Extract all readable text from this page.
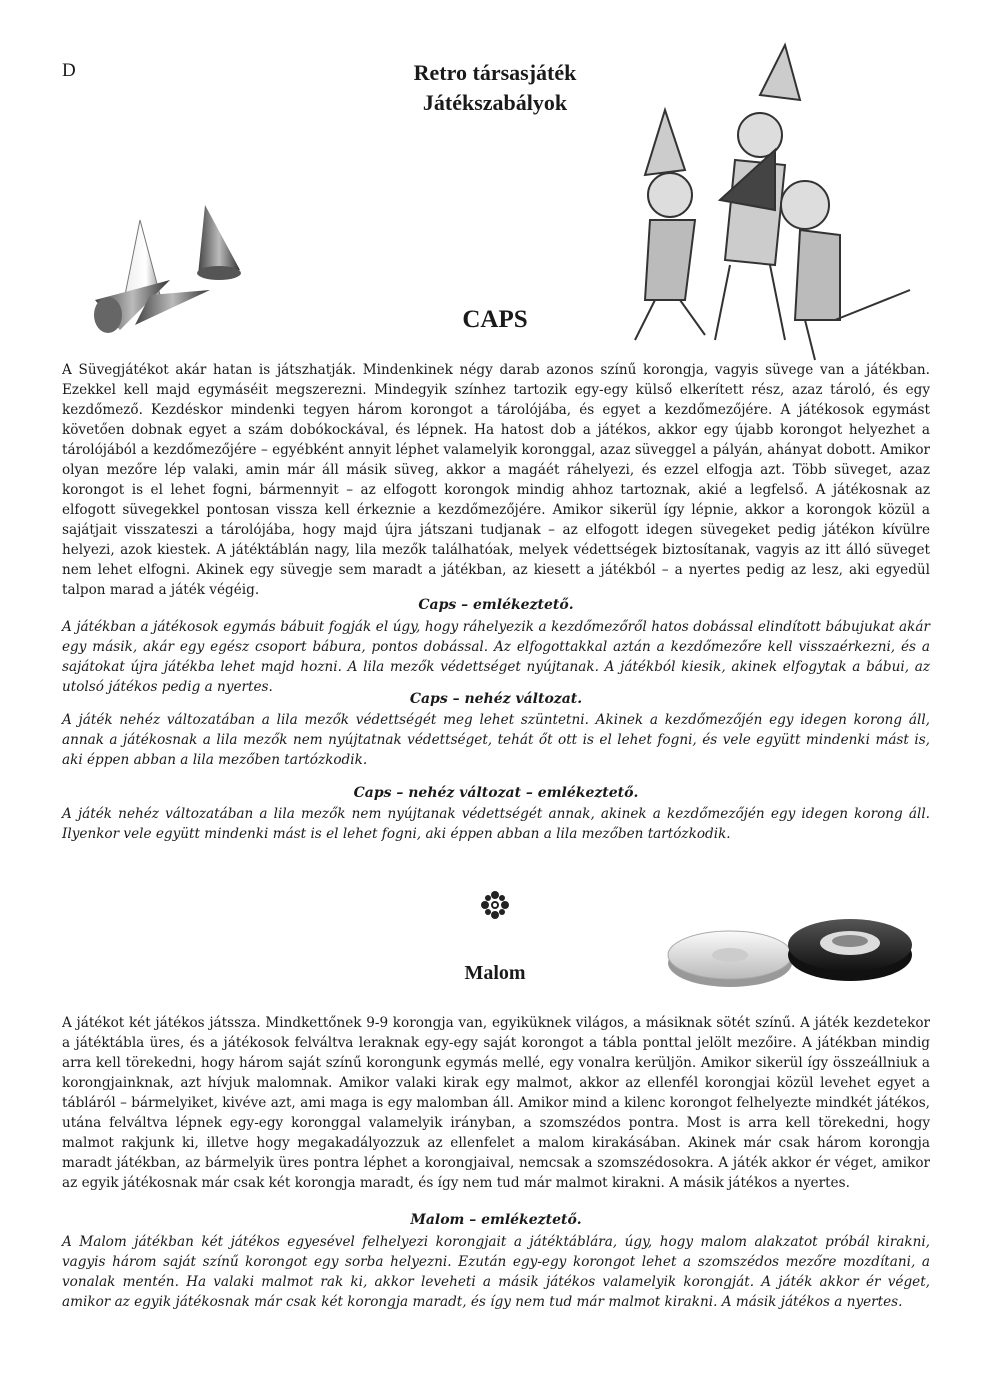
D	Retro társasjáték
Játékszabályok
CAPS
A Süvegjátékot akár hatan is játszhatják. Mindenkinek négy darab azonos színű korongja, vagyis süvege van a játékban. Ezekkel kell majd egymáséit megszerezni. Mindegyik színhez tartozik egy-egy külső elkerített rész, azaz tároló, és egy kezdőmező. Kezdéskor mindenki tegyen három korongot a tárolójába, és egyet a kezdőmezőjére. A játékosok egymást követően dobnak egyet a szám dobókockával, és lépnek. Ha hatost dob a játékos, akkor egy újabb korongot helyezhet a tárolójából a kezdőmezőjére – egyébként annyit léphet valamelyik koronggal, azaz süveggel a pályán, ahányat dobott. Amikor olyan mezőre lép valaki, amin már áll másik süveg, akkor a magáét ráhelyezi, és ezzel elfogja azt. Több süveget, azaz korongot is el lehet fogni, bármennyit – az elfogott korongok mindig ahhoz tartoznak, akié a legfelső. A játékosnak az elfogott süvegekkel pontosan vissza kell érkeznie a kezdőmezőjére. Amikor sikerül így lépnie, akkor a korongok közül a sajátjait visszateszi a tárolójába, hogy majd újra játszani tudjanak – az elfogott idegen süvegeket pedig játékon kívülre helyezi, azok kiestek. A játéktáblán nagy, lila mezők találhatóak, melyek védettségek biztosítanak, vagyis az itt álló süveget nem lehet elfogni. Akinek egy süvegje sem maradt a játékban, az kiesett a játékból – a nyertes pedig az lesz, aki egyedül talpon marad a játék végéig.
Caps – emlékeztető.
A játékban a játékosok egymás bábuit fogják el úgy, hogy ráhelyezik a kezdőmezőről hatos dobással elindított bábujukat akár egy másik, akár egy egész csoport bábura, pontos dobással. Az elfogottakkal aztán a kezdőmezőre kell visszaérkezni, és a sajátokat újra játékba lehet majd hozni. A lila mezők védettséget nyújtanak. A játékból kiesik, akinek elfogytak a bábui, az utolsó játékos pedig a nyertes.
Caps – nehéz változat.
A játék nehéz változatában a lila mezők védettségét meg lehet szüntetni. Akinek a kezdőmezőjén egy idegen korong áll, annak a játékosnak a lila mezők nem nyújtatnak védettséget, tehát őt ott is el lehet fogni, és vele együtt mindenki mást is, aki éppen abban a lila mezőben tartózkodik.
Caps – nehéz változat – emlékeztető.
A játék nehéz változatában a lila mezők nem nyújtanak védettségét annak, akinek a kezdőmezőjén egy idegen korong áll. Ilyenkor vele együtt mindenki mást is el lehet fogni, aki éppen abban a lila mezőben tartózkodik.
Malom
A játékot két játékos játssza. Mindkettőnek 9-9 korongja van, egyiküknek világos, a másiknak sötét színű. A játék kezdetekor a játéktábla üres, és a játékosok felváltva leraknak egy-egy saját korongot a tábla ponttal jelölt mezőire. A játékban mindig arra kell törekedni, hogy három saját színű korongunk egymás mellé, egy vonalra kerüljön. Amikor sikerül így összeállniuk a korongjainknak, azt hívjuk malomnak. Amikor valaki kirak egy malmot, akkor az ellenfél korongjai közül levehet egyet a tábláról – bármelyiket, kivéve azt, ami maga is egy malomban áll. Amikor mind a kilenc korongot felhelyezte mindkét játékos, utána felváltva lépnek egy-egy koronggal valamelyik irányban, a szomszédos pontra. Most is arra kell törekedni, hogy malmot rakjunk ki, illetve hogy megakadályozzuk az ellenfelet a malom kirakásában. Akinek már csak három korongja maradt játékban, az bármelyik üres pontra léphet a korongjaival, nemcsak a szomszédosokra. A játék akkor ér véget, amikor az egyik játékosnak már csak két korongja maradt, és így nem tud már malmot kirakni. A másik játékos a nyertes.
Malom – emlékeztető.
A Malom játékban két játékos egyesével felhelyezi korongjait a játéktáblára, úgy, hogy malom alakzatot próbál kirakni, vagyis három saját színű korongot egy sorba helyezni. Ezután egy-egy korongot lehet a szomszédos mezőre mozdítani, a vonalak mentén. Ha valaki malmot rak ki, akkor leveheti a másik játékos valamelyik korongját. A játék akkor ér véget, amikor az egyik játékosnak már csak két korongja maradt, és így nem tud már malmot kirakni. A másik játékos a nyertes.
